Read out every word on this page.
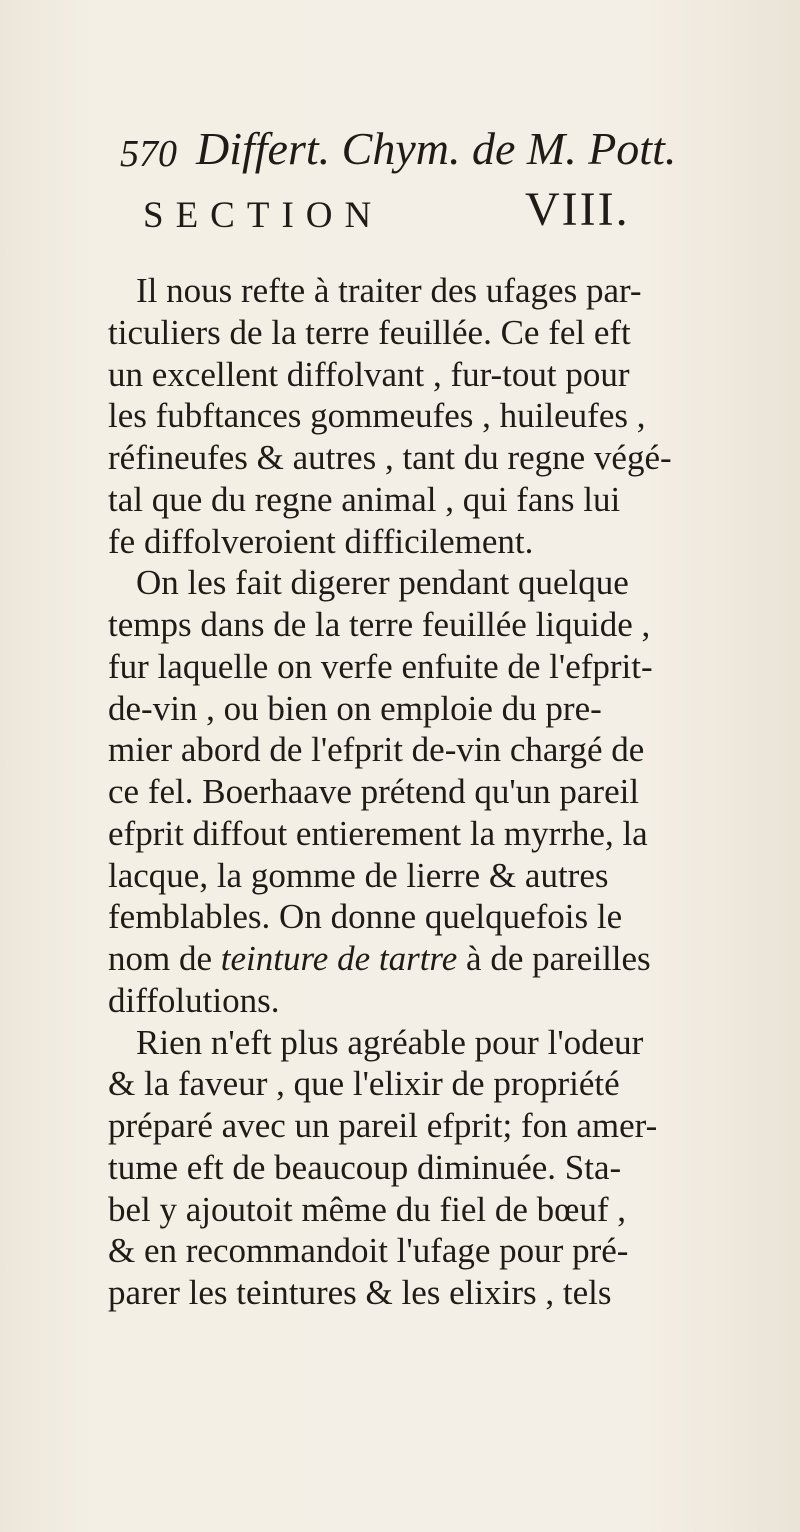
570 Differt. Chym. de M. Pott.
SECTION	VIII.
Il nous refte à traiter des ufages par-
ticuliers de la terre feuillée. Ce fel eft
un excellent diffolvant , fur-tout pour
les fubftances gommeufes , huileufes ,
réfineufes & autres , tant du regne végé-
tal que du regne animal , qui fans lui
fe diffolveroient difficilement.
On les fait digerer pendant quelque
temps dans de la terre feuillée liquide ,
fur laquelle on verfe enfuite de l'efprit-
de-vin , ou bien on emploie du pre-
mier abord de l'efprit de-vin chargé de
ce fel. Boerhaave prétend qu'un pareil
efprit diffout entierement la myrrhe, la
lacque, la gomme de lierre & autres
femblables. On donne quelquefois le
nom de teinture de tartre à de pareilles
diffolutions.
Rien n'eft plus agréable pour l'odeur
& la faveur , que l'elixir de propriété
préparé avec un pareil efprit; fon amer-
tume eft de beaucoup diminuée. Sta-
bel y ajoutoit même du fiel de bœuf ,
& en recommandoit l'ufage pour pré-
parer les teintures & les elixirs , tels
